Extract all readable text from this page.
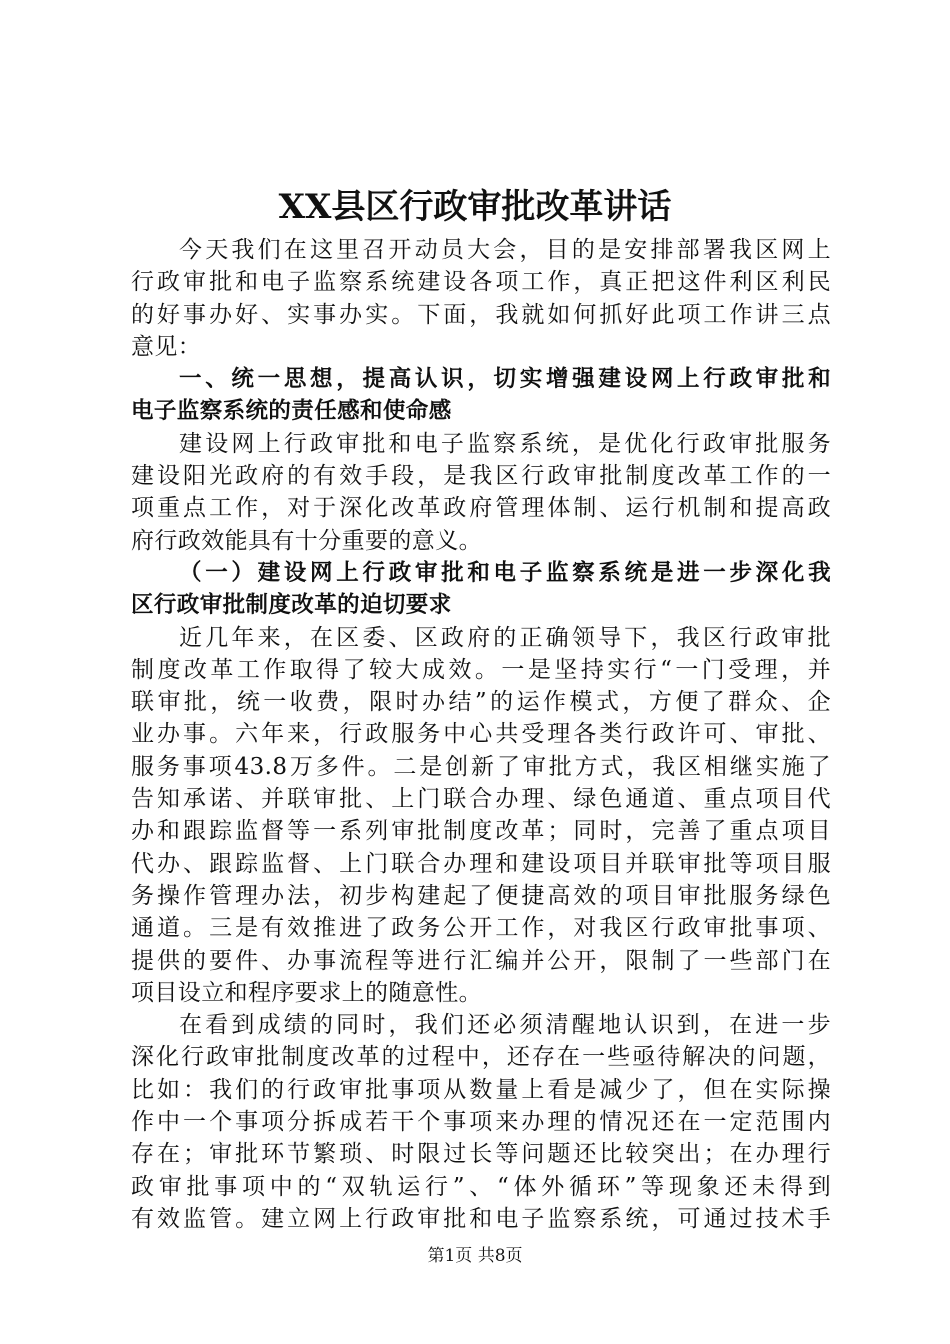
XX县区行政审批改革讲话
今天我们在这里召开动员大会，目的是安排部署我区网上
行政审批和电子监察系统建设各项工作，真正把这件利区利民
的好事办好、实事办实。下面，我就如何抓好此项工作讲三点
意见：
一、统一思想，提高认识，切实增强建设网上行政审批和
电子监察系统的责任感和使命感
建设网上行政审批和电子监察系统，是优化行政审批服务
建设阳光政府的有效手段，是我区行政审批制度改革工作的一
项重点工作，对于深化改革政府管理体制、运行机制和提高政
府行政效能具有十分重要的意义。
（一）建设网上行政审批和电子监察系统是进一步深化我
区行政审批制度改革的迫切要求
近几年来，在区委、区政府的正确领导下，我区行政审批
制度改革工作取得了较大成效。一是坚持实行“一门受理，并
联审批，统一收费，限时办结”的运作模式，方便了群众、企
业办事。六年来，行政服务中心共受理各类行政许可、审批、
服务事项43.8万多件。二是创新了审批方式，我区相继实施了
告知承诺、并联审批、上门联合办理、绿色通道、重点项目代
办和跟踪监督等一系列审批制度改革；同时，完善了重点项目
代办、跟踪监督、上门联合办理和建设项目并联审批等项目服
务操作管理办法，初步构建起了便捷高效的项目审批服务绿色
通道。三是有效推进了政务公开工作，对我区行政审批事项、
提供的要件、办事流程等进行汇编并公开，限制了一些部门在
项目设立和程序要求上的随意性。
在看到成绩的同时，我们还必须清醒地认识到，在进一步
深化行政审批制度改革的过程中，还存在一些亟待解决的问题，
比如：我们的行政审批事项从数量上看是减少了，但在实际操
作中一个事项分拆成若干个事项来办理的情况还在一定范围内
存在；审批环节繁琐、时限过长等问题还比较突出；在办理行
政审批事项中的“双轨运行”、“体外循环”等现象还未得到
有效监管。建立网上行政审批和电子监察系统，可通过技术手
第1页 共8页
